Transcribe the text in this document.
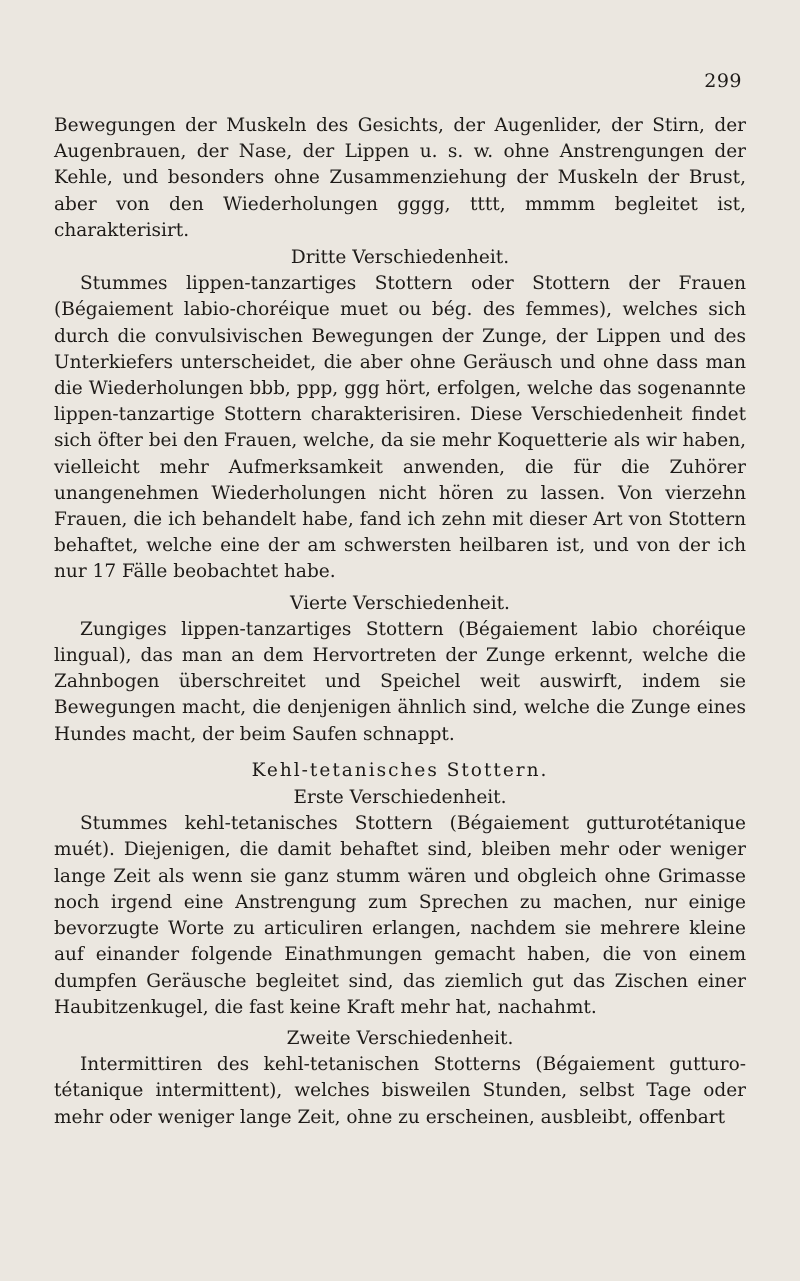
299

Bewegungen der Muskeln des Gesichts, der Augenlider, der Stirn, der Augenbrauen, der Nase, der Lippen u. s. w. ohne Anstrengungen der Kehle, und besonders ohne Zusammenziehung der Muskeln der Brust, aber von den Wiederholungen gggg, tttt, mmmm begleitet ist, charakterisirt.

Dritte Verschiedenheit.

Stummes lippen-tanzartiges Stottern oder Stottern der Frauen (Bégaiement labio-choréique muet ou bég. des femmes), welches sich durch die convulsivischen Bewegungen der Zunge, der Lippen und des Unterkiefers unterscheidet, die aber ohne Geräusch und ohne dass man die Wiederholungen bbb, ppp, ggg hört, erfolgen, welche das sogenannte lippen-tanzartige Stottern charakterisiren. Diese Verschiedenheit findet sich öfter bei den Frauen, welche, da sie mehr Koquetterie als wir haben, vielleicht mehr Aufmerksamkeit anwenden, die für die Zuhörer unangenehmen Wiederholungen nicht hören zu lassen. Von vierzehn Frauen, die ich behandelt habe, fand ich zehn mit dieser Art von Stottern behaftet, welche eine der am schwersten heilbaren ist, und von der ich nur 17 Fälle beobachtet habe.

Vierte Verschiedenheit.

Zungiges lippen-tanzartiges Stottern (Bégaiement labio choréique lingual), das man an dem Hervortreten der Zunge erkennt, welche die Zahnbogen überschreitet und Speichel weit auswirft, indem sie Bewegungen macht, die denjenigen ähnlich sind, welche die Zunge eines Hundes macht, der beim Saufen schnappt.

Kehl-tetanisches Stottern.

Erste Verschiedenheit.

Stummes kehl-tetanisches Stottern (Bégaiement gutturotétanique muét). Diejenigen, die damit behaftet sind, bleiben mehr oder weniger lange Zeit als wenn sie ganz stumm wären und obgleich ohne Grimasse noch irgend eine Anstrengung zum Sprechen zu machen, nur einige bevorzugte Worte zu articuliren erlangen, nachdem sie mehrere kleine auf einander folgende Einathmungen gemacht haben, die von einem dumpfen Geräusche begleitet sind, das ziemlich gut das Zischen einer Haubitzenkugel, die fast keine Kraft mehr hat, nachahmt.

Zweite Verschiedenheit.

Intermittiren des kehl-tetanischen Stotterns (Bégaiement gutturo-tétanique intermittent), welches bisweilen Stunden, selbst Tage oder mehr oder weniger lange Zeit, ohne zu erscheinen, ausbleibt, offenbart
